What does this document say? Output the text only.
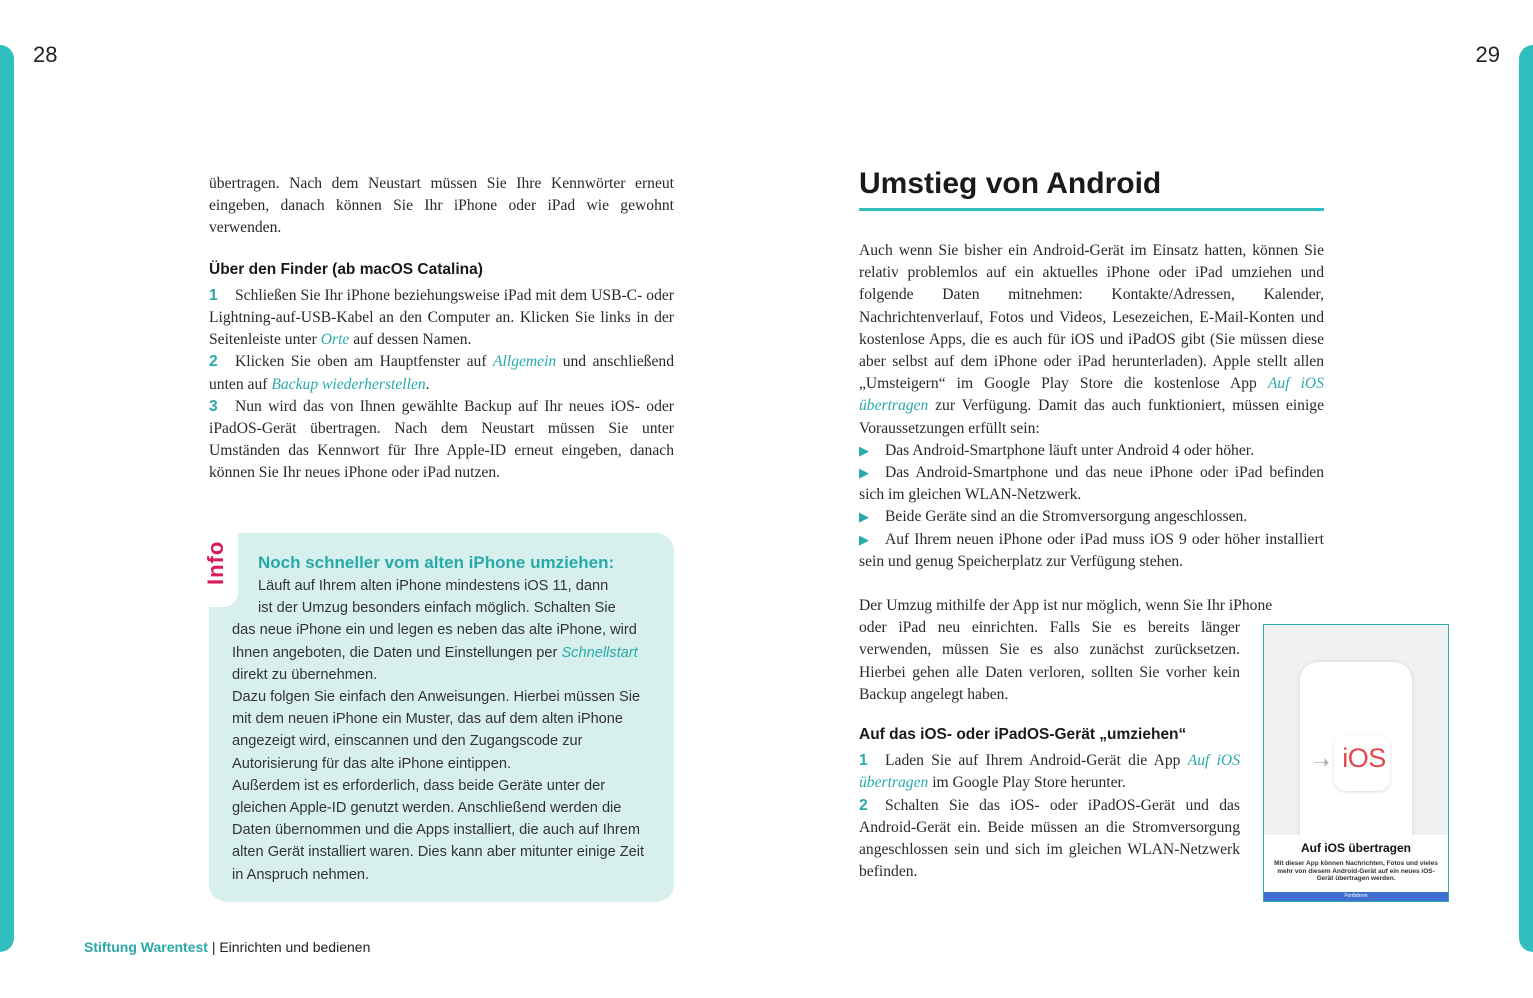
28	29

übertragen. Nach dem Neustart müssen Sie Ihre Kennwörter erneut eingeben, danach können Sie Ihr iPhone oder iPad wie gewohnt verwenden.

Über den Finder (ab macOS Catalina)

1 Schließen Sie Ihr iPhone beziehungsweise iPad mit dem USB-C- oder Lightning-auf-USB-Kabel an den Computer an. Klicken Sie links in der Seitenleiste unter Orte auf dessen Namen.

2 Klicken Sie oben am Hauptfenster auf Allgemein und anschließend unten auf Backup wiederherstellen.

3 Nun wird das von Ihnen gewählte Backup auf Ihr neues iOS- oder iPadOS-Gerät übertragen. Nach dem Neustart müssen Sie unter Umständen das Kennwort für Ihre Apple-ID erneut eingeben, danach können Sie Ihr neues iPhone oder iPad nutzen.

Info	Noch schneller vom alten iPhone umziehen:

Läuft auf Ihrem alten iPhone mindestens iOS 11, dann

ist der Umzug besonders einfach möglich. Schalten Sie

das neue iPhone ein und legen es neben das alte iPhone, wird Ihnen angeboten, die Daten und Einstellungen per Schnellstart direkt zu übernehmen.

Dazu folgen Sie einfach den Anweisungen. Hierbei müssen Sie mit dem neuen iPhone ein Muster, das auf dem alten iPhone angezeigt wird, einscannen und den Zugangscode zur Autorisierung für das alte iPhone eintippen.

Außerdem ist es erforderlich, dass beide Geräte unter der gleichen Apple-ID genutzt werden. Anschließend werden die Daten übernommen und die Apps installiert, die auch auf Ihrem alten Gerät installiert waren. Dies kann aber mitunter einige Zeit in Anspruch nehmen.

Umstieg von Android

Auch wenn Sie bisher ein Android-Gerät im Einsatz hatten, können Sie relativ problemlos auf ein aktuelles iPhone oder iPad umziehen und folgende Daten mitnehmen: Kontakte/Adressen, Kalender, Nachrichtenverlauf, Fotos und Videos, Lesezeichen, E-Mail-Konten und kostenlose Apps, die es auch für iOS und iPadOS gibt (Sie müssen diese aber selbst auf dem iPhone oder iPad herunterladen). Apple stellt allen „Umsteigern“ im Google Play Store die kostenlose App Auf iOS übertragen zur Verfügung. Damit das auch funktioniert, müssen einige Voraussetzungen erfüllt sein:

▶ Das Android-Smartphone läuft unter Android 4 oder höher.

▶ Das Android-Smartphone und das neue iPhone oder iPad befinden sich im gleichen WLAN-Netzwerk.

▶ Beide Geräte sind an die Stromversorgung angeschlossen.

▶ Auf Ihrem neuen iPhone oder iPad muss iOS 9 oder höher installiert sein und genug Speicherplatz zur Verfügung stehen.

Der Umzug mithilfe der App ist nur möglich, wenn Sie Ihr iPhone

oder iPad neu einrichten. Falls Sie es bereits länger verwenden, müssen Sie es also zunächst zurücksetzen. Hierbei gehen alle Daten verloren, sollten Sie vorher kein Backup angelegt haben.

Auf das iOS- oder iPadOS-Gerät „umziehen“

1 Laden Sie auf Ihrem Android-Gerät die App Auf iOS übertragen im Google Play Store herunter.

2 Schalten Sie das iOS- oder iPadOS-Gerät und das Android-Gerät ein. Beide müssen an die Stromversorgung angeschlossen sein und sich im gleichen WLAN-Netzwerk befinden.

➝ iOS
Auf iOS übertragen
Mit dieser App können Nachrichten, Fotos und vieles mehr von diesem Android-Gerät auf ein neues iOS-Gerät übertragen werden.
Fortfahren
Stiftung Warentest | Einrichten und bedienen
